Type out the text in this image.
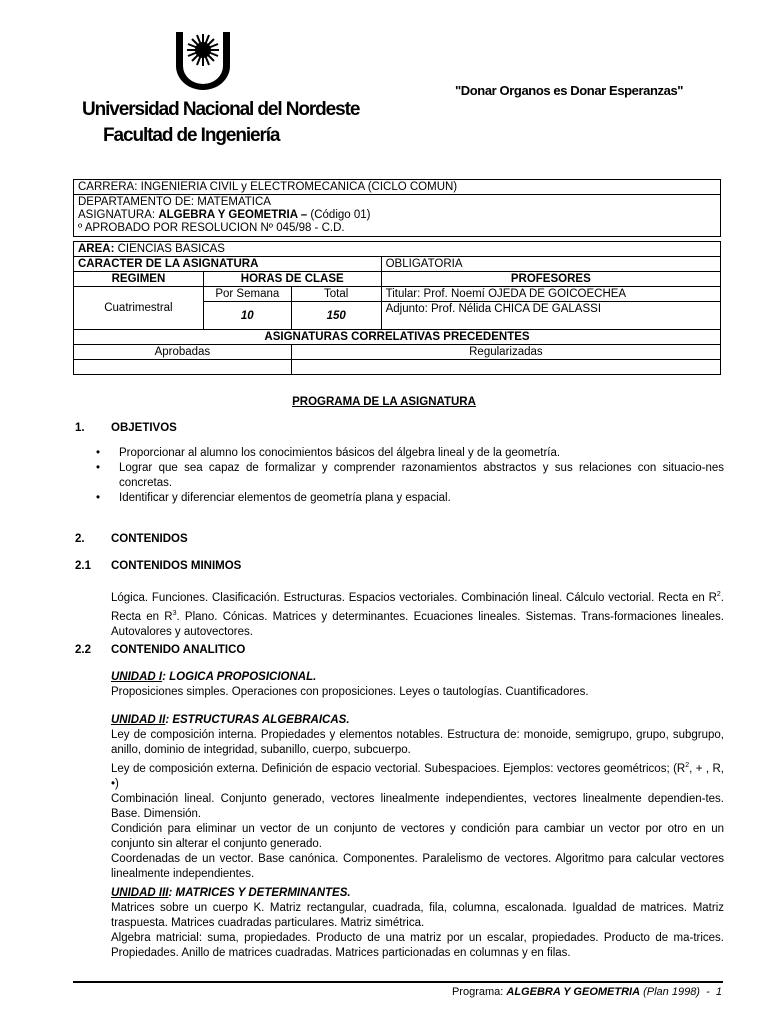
"Donar Organos es Donar Esperanzas"
Universidad Nacional del Nordeste
Facultad de Ingeniería
CARRERA: INGENIERIA CIVIL y ELECTROMECANICA (CICLO COMUN)
DEPARTAMENTO DE: MATEMATICA
ASIGNATURA: ALGEBRA Y GEOMETRIA – (Código 01)
º APROBADO POR RESOLUCION Nº 045/98 - C.D.
AREA: CIENCIAS BASICAS			
CARACTER DE LA ASIGNATURA			OBLIGATORIA
REGIMEN	HORAS DE CLASE		PROFESORES
Cuatrimestral	Por Semana	Total	Titular: Prof. Noemí OJEDA DE GOICOECHEA
	10	150	Adjunto: Prof. Nélida CHICA DE GALASSI
ASIGNATURAS CORRELATIVAS PRECEDENTES			
Aprobadas		Regularizadas	

PROGRAMA DE LA ASIGNATURA
1. OBJETIVOS
• Proporcionar al alumno los conocimientos básicos del álgebra lineal y de la geometría.
• Lograr que sea capaz de formalizar y comprender razonamientos abstractos y sus relaciones con situacio-nes concretas.
• Identificar y diferenciar elementos de geometría plana y espacial.
2. CONTENIDOS
2.1 CONTENIDOS MINIMOS
Lógica. Funciones. Clasificación. Estructuras. Espacios vectoriales. Combinación lineal. Cálculo vectorial. Recta en $R^2$. Recta en $R^3$. Plano. Cónicas. Matrices y determinantes. Ecuaciones lineales. Sistemas. Trans-formaciones lineales. Autovalores y autovectores.
2.2 CONTENIDO ANALITICO
UNIDAD I: LOGICA PROPOSICIONAL.
Proposiciones simples. Operaciones con proposiciones. Leyes o tautologías. Cuantificadores.
UNIDAD II: ESTRUCTURAS ALGEBRAICAS.
Ley de composición interna. Propiedades y elementos notables. Estructura de: monoide, semigrupo, grupo, subgrupo, anillo, dominio de integridad, subanillo, cuerpo, subcuerpo.
Ley de composición externa. Definición de espacio vectorial. Subespacioes. Ejemplos: vectores geométricos; ($R^2$, + , R, •)
Combinación lineal. Conjunto generado, vectores linealmente independientes, vectores linealmente dependien-tes. Base. Dimensión.
Condición para eliminar un vector de un conjunto de vectores y condición para cambiar un vector por otro en un conjunto sin alterar el conjunto generado.
Coordenadas de un vector. Base canónica. Componentes. Paralelismo de vectores. Algoritmo para calcular vectores linealmente independientes.
UNIDAD III: MATRICES Y DETERMINANTES.
Matrices sobre un cuerpo K. Matriz rectangular, cuadrada, fila, columna, escalonada. Igualdad de matrices. Matriz traspuesta. Matrices cuadradas particulares. Matriz simétrica.
Algebra matricial: suma, propiedades. Producto de una matriz por un escalar, propiedades. Producto de ma-trices. Propiedades. Anillo de matrices cuadradas. Matrices particionadas en columnas y en filas.
Programa: ALGEBRA Y GEOMETRIA (Plan 1998)  -  1
